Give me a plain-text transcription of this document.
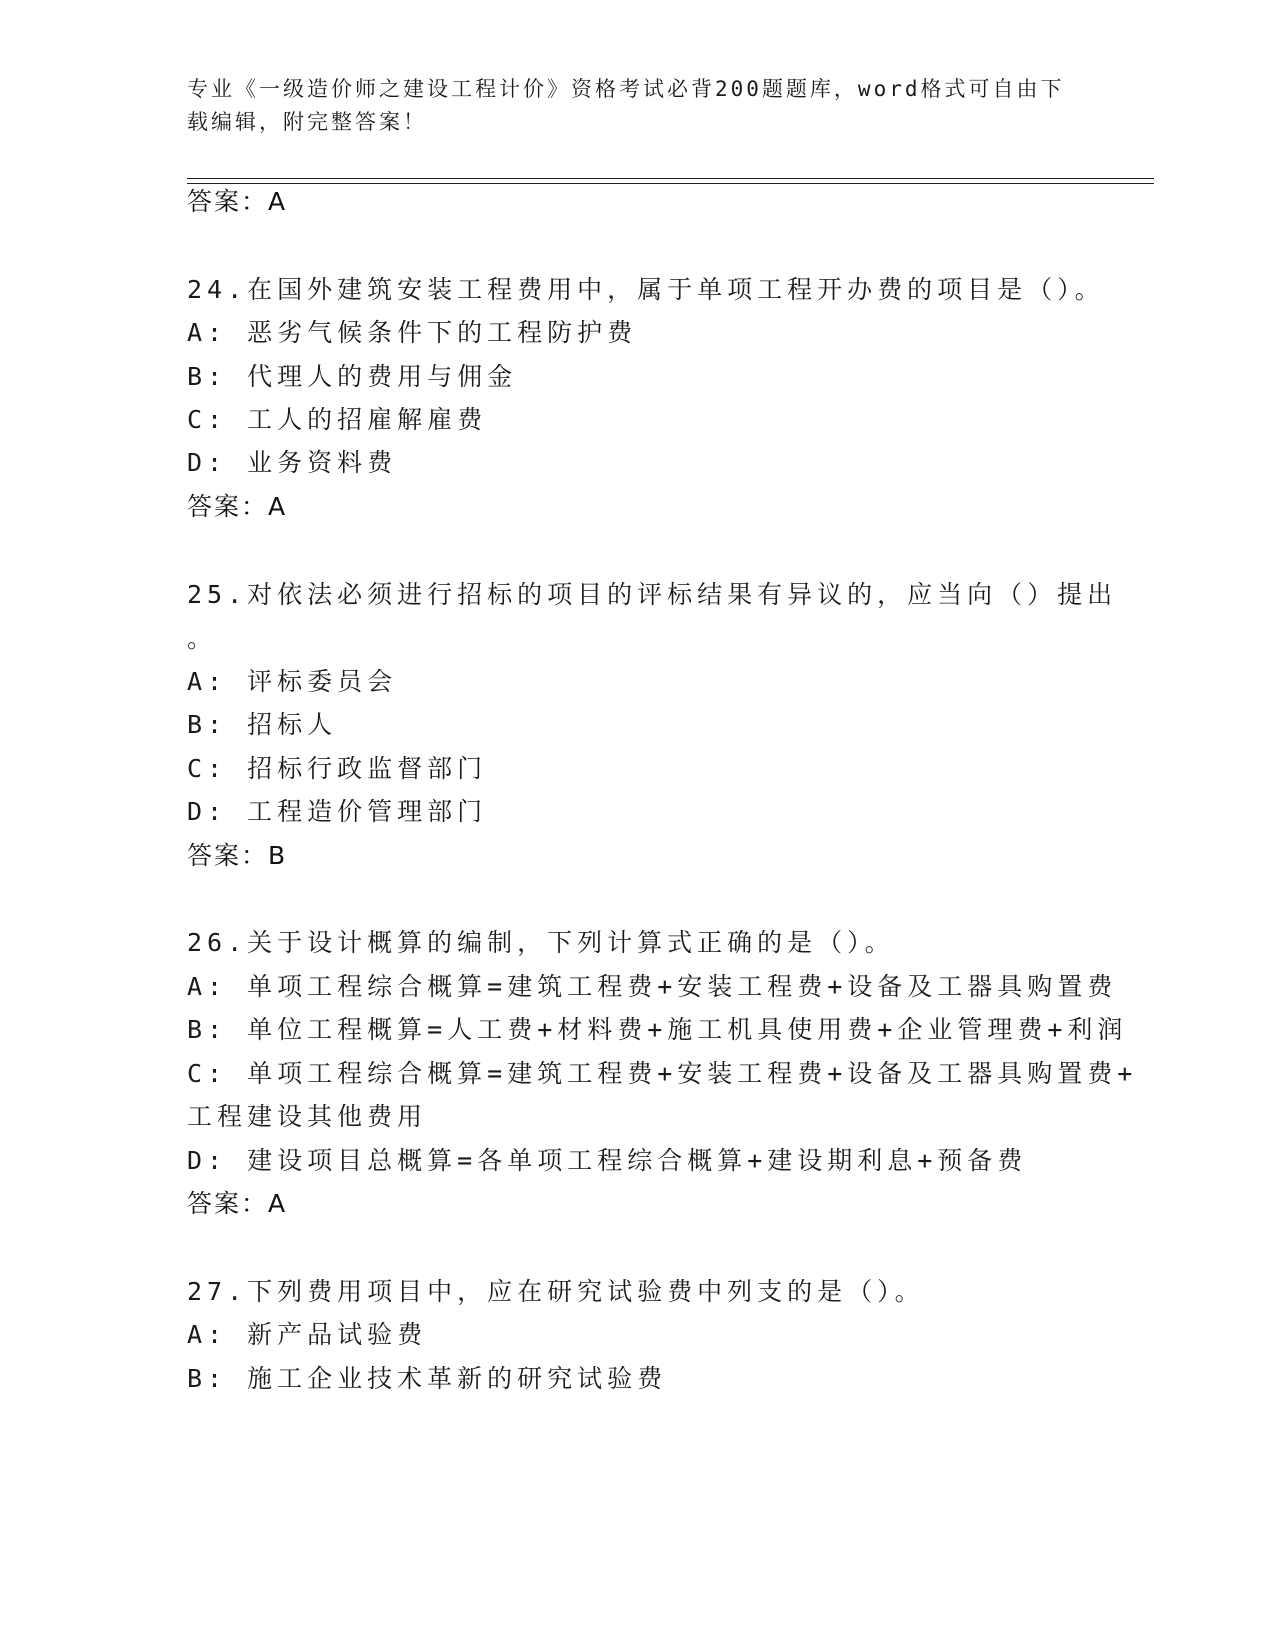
专业《一级造价师之建设工程计价》资格考试必背200题题库，word格式可自由下载编辑，附完整答案！
答案：A
24.在国外建筑安装工程费用中，属于单项工程开办费的项目是（）。
A: 恶劣气候条件下的工程防护费
B: 代理人的费用与佣金
C: 工人的招雇解雇费
D: 业务资料费
答案：A
25.对依法必须进行招标的项目的评标结果有异议的，应当向（）提出
。
A: 评标委员会
B: 招标人
C: 招标行政监督部门
D: 工程造价管理部门
答案：B
26.关于设计概算的编制，下列计算式正确的是（）。
A: 单项工程综合概算=建筑工程费+安装工程费+设备及工器具购置费
B: 单位工程概算=人工费+材料费+施工机具使用费+企业管理费+利润
C: 单项工程综合概算=建筑工程费+安装工程费+设备及工器具购置费+
工程建设其他费用
D: 建设项目总概算=各单项工程综合概算+建设期利息+预备费
答案：A
27.下列费用项目中，应在研究试验费中列支的是（）。
A: 新产品试验费
B: 施工企业技术革新的研究试验费
